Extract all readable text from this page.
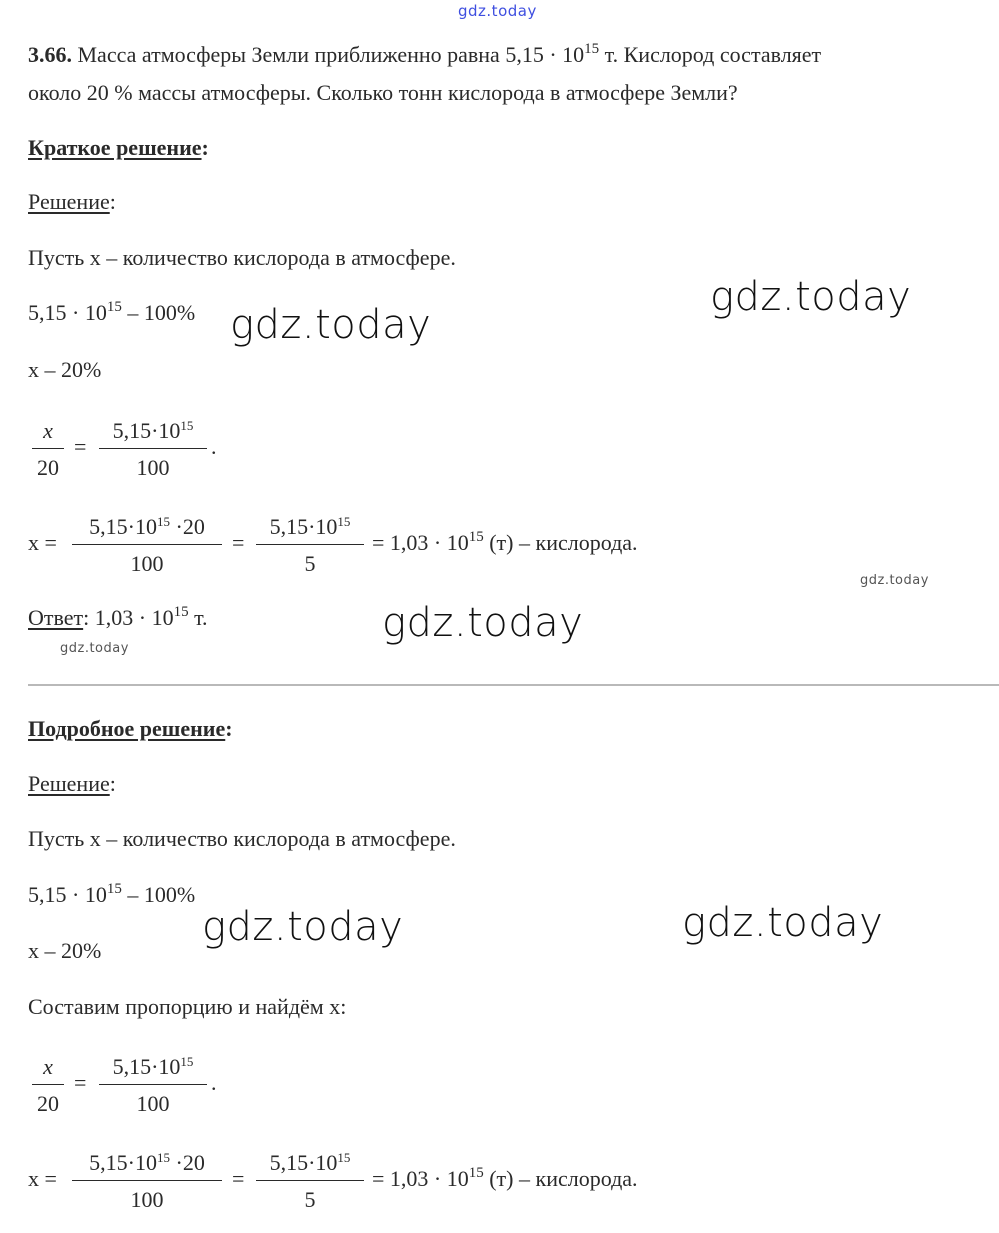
gdz.today
gdz.today
gdz.today
gdz.today
gdz.today
gdz.today
gdz.today	gdz.today
3.66. Масса атмосферы Земли приближенно равна $5,15 \cdot 10^{15}$ т. Кислород составляет
около 20 % массы атмосферы. Сколько тонн кислорода в атмосфере Земли?
Краткое решение:
Решение:
Пусть x – количество кислорода в атмосфере.
$5,15 \cdot 10^{15} - 100\%$
x – 20%
x
20
=
$5,15\cdot 10^{15}$
100
.
x =
$5,15\cdot 10^{15} \cdot 20$
100
=
$5,15\cdot 10^{15}$
5
= $1,03 \cdot 10^{15}$ (т) – кислорода.
Ответ: $1,03 \cdot 10^{15}$ т.
Подробное решение:
Решение:
Пусть x – количество кислорода в атмосфере.
$5,15 \cdot 10^{15} - 100\%$
x – 20%
Составим пропорцию и найдём x:
x
20
=
$5,15\cdot 10^{15}$
100
.
x =
$5,15\cdot 10^{15} \cdot 20$
100
=
$5,15\cdot 10^{15}$
5
= $1,03 \cdot 10^{15}$ (т) – кислорода.
